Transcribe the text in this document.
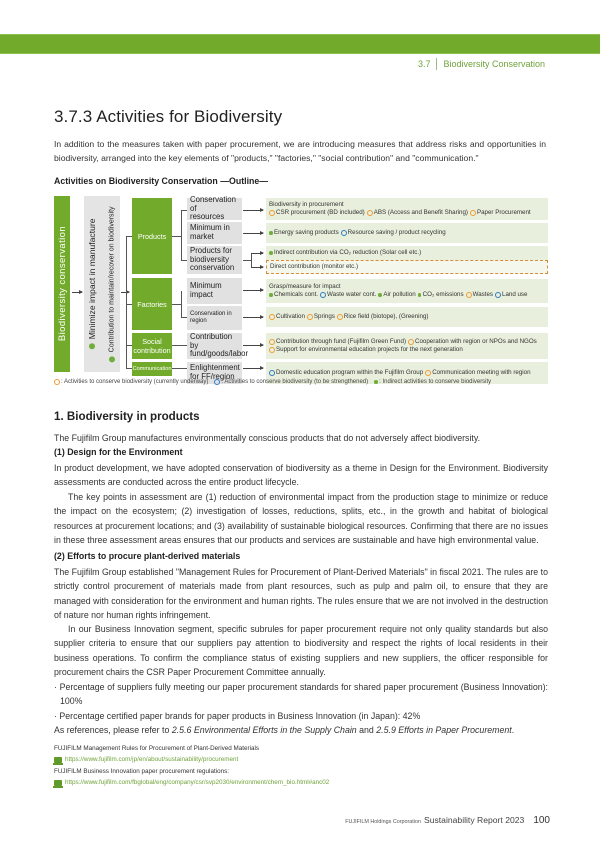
3.7 Biodiversity Conservation
3.7.3 Activities for Biodiversity

In addition to the measures taken with paper procurement, we are introducing measures that address risks and opportunities in biodiversity, arranged into the key elements of "products," "factories," "social contribution" and "communication."

Activities on Biodiversity Conservation —Outline—
Biodiversity conservation
Minimize impact in manufacture
Contribution to maintain/recover on biodiversity	Products
Factories
Social
contribution
Communication
Conservation of
resources
Minimum in
market
Products for
biodiversity
conservation
Minimum
impact
Conservation in
region
Contribution by
fund/goods/labor
Enlightenment
for FF/region
Biodiversity in procurement
CSR procurement (BD included) ABS (Access and Benefit Sharing) Paper Procurement
Energy saving products Resource saving / product recycling
Indirect contribution via CO₂ reduction (Solar cell etc.)
Direct contribution (monitor etc.)
Grasp/measure for impact
Chemicals cont. Waste water cont. Air pollution CO₂ emissions Wastes Land use
Cultivation Springs Rice field (biotope), (Greening)
Contribution through fund (Fujifilm Green Fund) Cooperation with region or NPOs and NGOs
Support for environmental education projects for the next generation
Domestic education program within the Fujifilm Group Communication meeting with region
: Activities to conserve biodiversity (currently underway) : Activities to conserve biodiversity (to be strengthened) : Indirect activities to conserve biodiversity
1. Biodiversity in products

The Fujifilm Group manufactures environmentally conscious products that do not adversely affect biodiversity.

(1) Design for the Environment

In product development, we have adopted conservation of biodiversity as a theme in Design for the Environment. Biodiversity assessments are conducted across the entire product lifecycle.

The key points in assessment are (1) reduction of environmental impact from the production stage to minimize or reduce the impact on the ecosystem; (2) investigation of losses, reductions, splits, etc., in the growth and habitat of biological resources at procurement locations; and (3) availability of sustainable biological resources. Confirming that there are no issues in these three assessment areas ensures that our products and services are sustainable and have high environmental value.

(2) Efforts to procure plant-derived materials

The Fujifilm Group established "Management Rules for Procurement of Plant-Derived Materials" in fiscal 2021. The rules are to strictly control procurement of materials made from plant resources, such as pulp and palm oil, to ensure that they are managed with consideration for the environment and human rights. The rules ensure that we are not involved in the destruction of nature nor human rights infringement.

In our Business Innovation segment, specific subrules for paper procurement require not only quality standards but also supplier criteria to ensure that our suppliers pay attention to biodiversity and respect the rights of local residents in their business operations. To confirm the compliance status of existing suppliers and new suppliers, the officer responsible for procurement chairs the CSR Paper Procurement Committee annually.

· Percentage of suppliers fully meeting our paper procurement standards for shared paper procurement (Business Innovation): 100%

· Percentage certified paper brands for paper products in Business Innovation (in Japan): 42%

As references, please refer to 2.5.6 Environmental Efforts in the Supply Chain and 2.5.9 Efforts in Paper Procurement.

FUJIFILM Management Rules for Procurement of Plant-Derived Materials
https://www.fujifilm.com/jp/en/about/sustainability/procurement
FUJIFILM Business Innovation paper procurement regulations:
https://www.fujifilm.com/fbglobal/eng/company/csr/svp2030/environment/chem_bio.html#anc02
FUJIFILM Holdings Corporation Sustainability Report 2023 100
